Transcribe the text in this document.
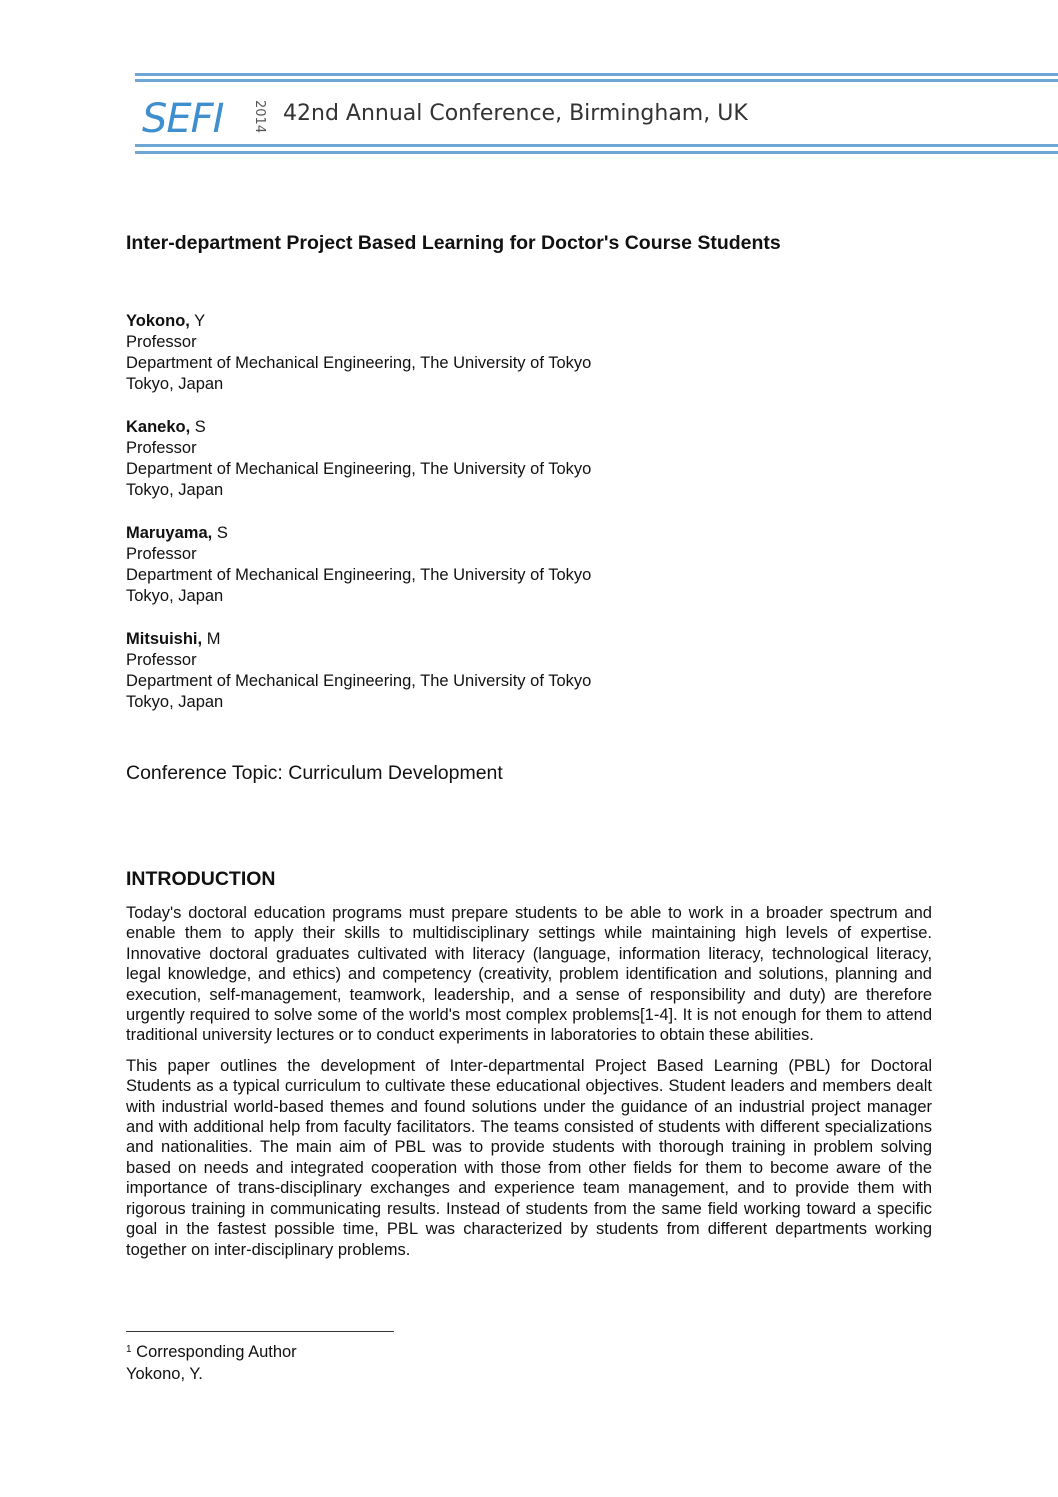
SEFI 2014 42nd Annual Conference, Birmingham, UK
Inter-department Project Based Learning for Doctor's Course Students
Yokono, Y
Professor
Department of Mechanical Engineering, The University of Tokyo
Tokyo, Japan
Kaneko, S
Professor
Department of Mechanical Engineering, The University of Tokyo
Tokyo, Japan
Maruyama, S
Professor
Department of Mechanical Engineering, The University of Tokyo
Tokyo, Japan
Mitsuishi, M
Professor
Department of Mechanical Engineering, The University of Tokyo
Tokyo, Japan
Conference Topic: Curriculum Development
INTRODUCTION

Today's doctoral education programs must prepare students to be able to work in a broader spectrum and enable them to apply their skills to multidisciplinary settings while maintaining high levels of expertise. Innovative doctoral graduates cultivated with literacy (language, information literacy, technological literacy, legal knowledge, and ethics) and competency (creativity, problem identification and solutions, planning and execution, self-management, teamwork, leadership, and a sense of responsibility and duty) are therefore urgently required to solve some of the world's most complex problems[1-4]. It is not enough for them to attend traditional university lectures or to conduct experiments in laboratories to obtain these abilities.

This paper outlines the development of Inter-departmental Project Based Learning (PBL) for Doctoral Students as a typical curriculum to cultivate these educational objectives. Student leaders and members dealt with industrial world-based themes and found solutions under the guidance of an industrial project manager and with additional help from faculty facilitators. The teams consisted of students with different specializations and nationalities. The main aim of PBL was to provide students with thorough training in problem solving based on needs and integrated cooperation with those from other fields for them to become aware of the importance of trans-disciplinary exchanges and experience team management, and to provide them with rigorous training in communicating results. Instead of students from the same field working toward a specific goal in the fastest possible time, PBL was characterized by students from different departments working together on inter-disciplinary problems.

$^1$ Corresponding Author
Yokono, Y.
